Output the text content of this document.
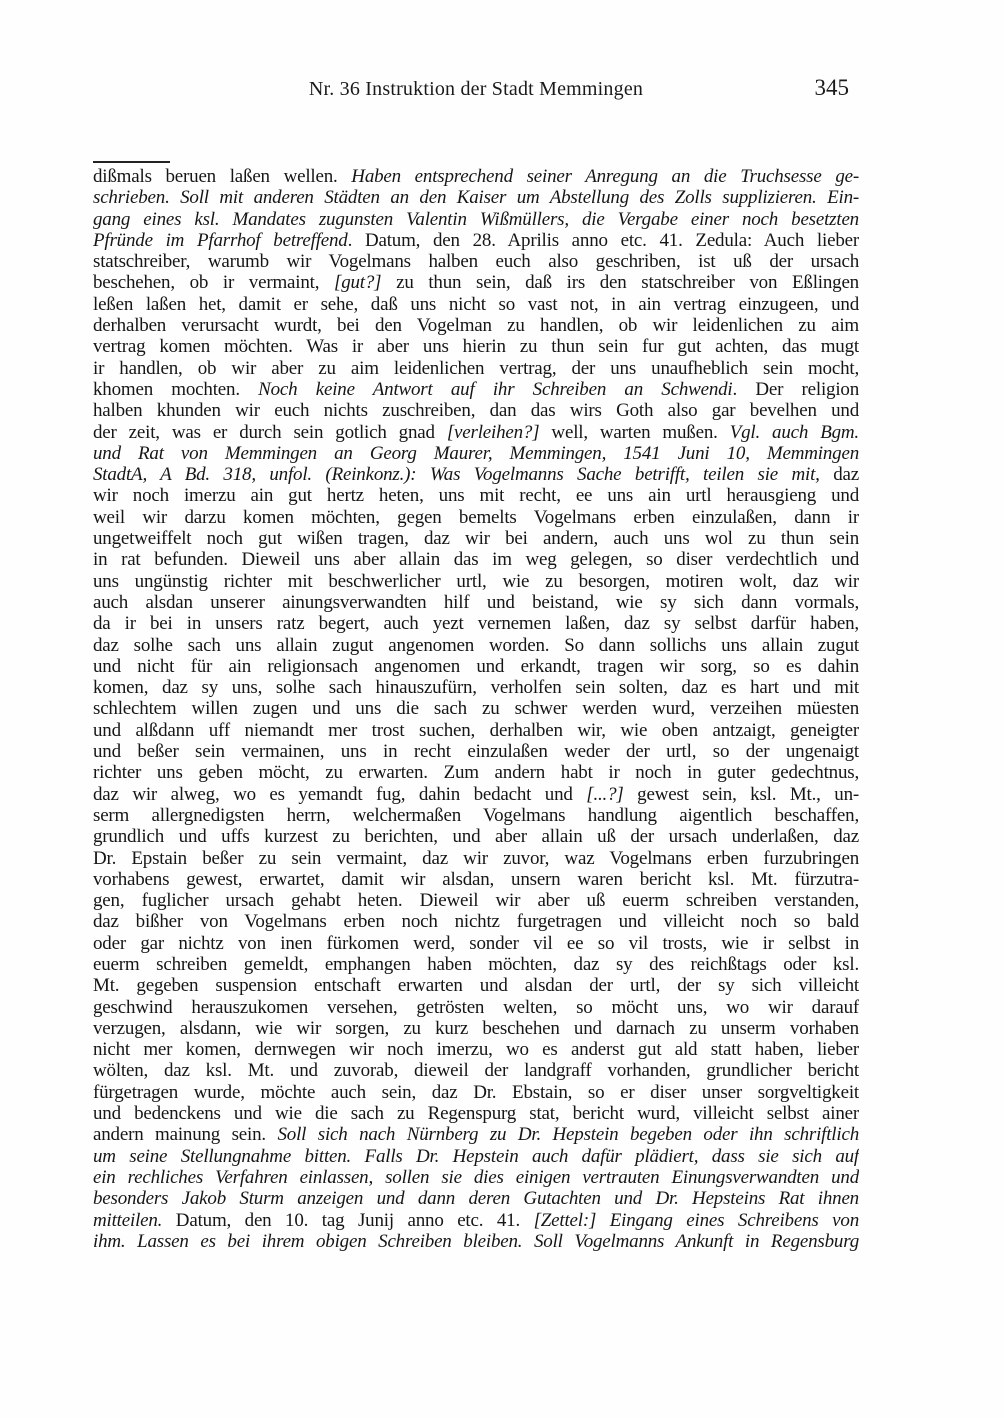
Nr. 36 Instruktion der Stadt Memmingen	345
dißmals beruen laßen wellen. Haben entsprechend seiner Anregung an die Truchsesse ge-
schrieben. Soll mit anderen Städten an den Kaiser um Abstellung des Zolls supplizieren. Ein-
gang eines ksl. Mandates zugunsten Valentin Wißmüllers, die Vergabe einer noch besetzten
Pfründe im Pfarrhof betreffend. Datum, den 28. Aprilis anno etc. 41. Zedula: Auch lieber
statschreiber, warumb wir Vogelmans halben euch also geschriben, ist uß der ursach
beschehen, ob ir vermaint, [gut?] zu thun sein, daß irs den statschreiber von Eßlingen
leßen laßen het, damit er sehe, daß uns nicht so vast not, in ain vertrag einzugeen, und
derhalben verursacht wurdt, bei den Vogelman zu handlen, ob wir leidenlichen zu aim
vertrag komen möchten. Was ir aber uns hierin zu thun sein fur gut achten, das mugt
ir handlen, ob wir aber zu aim leidenlichen vertrag, der uns unaufheblich sein mocht,
khomen mochten. Noch keine Antwort auf ihr Schreiben an Schwendi. Der religion
halben khunden wir euch nichts zuschreiben, dan das wirs Goth also gar bevelhen und
der zeit, was er durch sein gotlich gnad [verleihen?] well, warten mußen. Vgl. auch Bgm.
und Rat von Memmingen an Georg Maurer, Memmingen, 1541 Juni 10, Memmingen
StadtA, A Bd. 318, unfol. (Reinkonz.): Was Vogelmanns Sache betrifft, teilen sie mit, daz
wir noch imerzu ain gut hertz heten, uns mit recht, ee uns ain urtl herausgieng und
weil wir darzu komen möchten, gegen bemelts Vogelmans erben einzulaßen, dann ir
ungetweiffelt noch gut wißen tragen, daz wir bei andern, auch uns wol zu thun sein
in rat befunden. Dieweil uns aber allain das im weg gelegen, so diser verdechtlich und
uns ungünstig richter mit beschwerlicher urtl, wie zu besorgen, motiren wolt, daz wir
auch alsdan unserer ainungsverwandten hilf und beistand, wie sy sich dann vormals,
da ir bei in unsers ratz begert, auch yezt vernemen laßen, daz sy selbst darfür haben,
daz solhe sach uns allain zugut angenomen worden. So dann sollichs uns allain zugut
und nicht für ain religionsach angenomen und erkandt, tragen wir sorg, so es dahin
komen, daz sy uns, solhe sach hinauszufürn, verholfen sein solten, daz es hart und mit
schlechtem willen zugen und uns die sach zu schwer werden wurd, verzeihen müesten
und alßdann uff niemandt mer trost suchen, derhalben wir, wie oben antzaigt, geneigter
und beßer sein vermainen, uns in recht einzulaßen weder der urtl, so der ungenaigt
richter uns geben möcht, zu erwarten. Zum andern habt ir noch in guter gedechtnus,
daz wir alweg, wo es yemandt fug, dahin bedacht und [...?] gewest sein, ksl. Mt., un-
serm allergnedigsten herrn, welchermaßen Vogelmans handlung aigentlich beschaffen,
grundlich und uffs kurzest zu berichten, und aber allain uß der ursach underlaßen, daz
Dr. Epstain beßer zu sein vermaint, daz wir zuvor, waz Vogelmans erben furzubringen
vorhabens gewest, erwartet, damit wir alsdan, unsern waren bericht ksl. Mt. fürzutra-
gen, fuglicher ursach gehabt heten. Dieweil wir aber uß euerm schreiben verstanden,
daz bißher von Vogelmans erben noch nichtz furgetragen und villeicht noch so bald
oder gar nichtz von inen fürkomen werd, sonder vil ee so vil trosts, wie ir selbst in
euerm schreiben gemeldt, emphangen haben möchten, daz sy des reichßtags oder ksl.
Mt. gegeben suspension entschaft erwarten und alsdan der urtl, der sy sich villeicht
geschwind herauszukomen versehen, getrösten welten, so möcht uns, wo wir darauf
verzugen, alsdann, wie wir sorgen, zu kurz beschehen und darnach zu unserm vorhaben
nicht mer komen, dernwegen wir noch imerzu, wo es anderst gut ald statt haben, lieber
wölten, daz ksl. Mt. und zuvorab, dieweil der landgraff vorhanden, grundlicher bericht
fürgetragen wurde, möchte auch sein, daz Dr. Ebstain, so er diser unser sorgveltigkeit
und bedenckens und wie die sach zu Regenspurg stat, bericht wurd, villeicht selbst ainer
andern mainung sein. Soll sich nach Nürnberg zu Dr. Hepstein begeben oder ihn schriftlich
um seine Stellungnahme bitten. Falls Dr. Hepstein auch dafür plädiert, dass sie sich auf
ein rechliches Verfahren einlassen, sollen sie dies einigen vertrauten Einungsverwandten und
besonders Jakob Sturm anzeigen und dann deren Gutachten und Dr. Hepsteins Rat ihnen
mitteilen. Datum, den 10. tag Junij anno etc. 41. [Zettel:] Eingang eines Schreibens von
ihm. Lassen es bei ihrem obigen Schreiben bleiben. Soll Vogelmanns Ankunft in Regensburg
